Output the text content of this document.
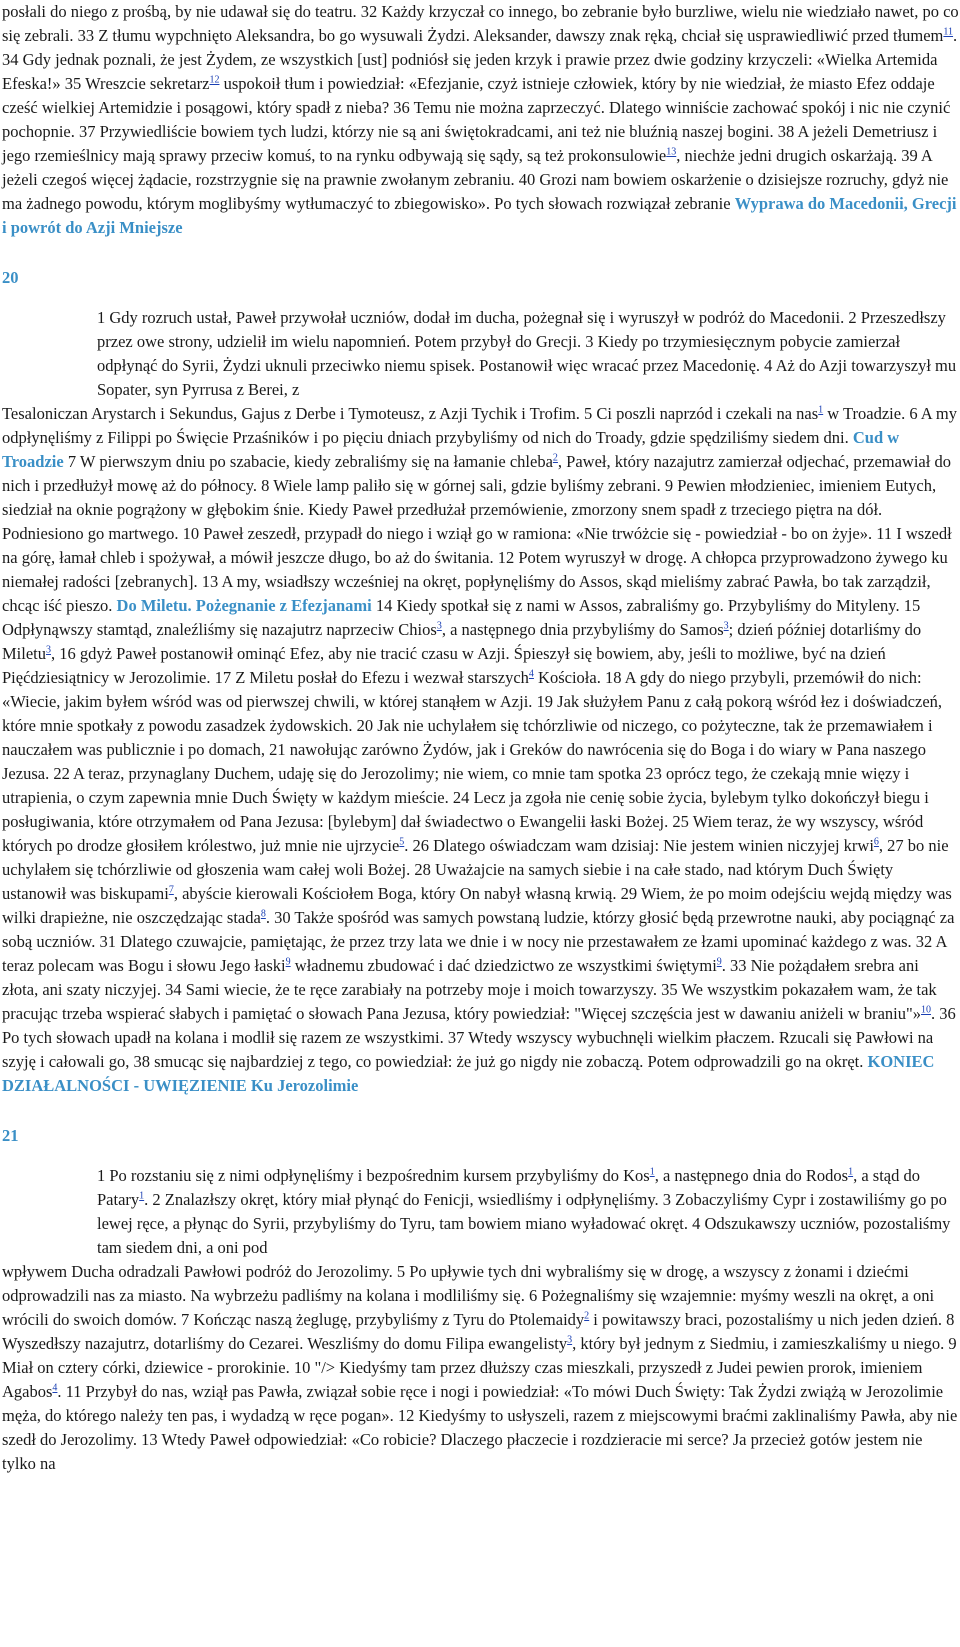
posłali do niego z prośbą, by nie udawał się do teatru. 32 Każdy krzyczał co innego, bo zebranie było burzliwe, wielu nie wiedziało nawet, po co się zebrali. 33 Z tłumu wypchnięto Aleksandra, bo go wysuwali Żydzi. Aleksander, dawszy znak ręką, chciał się usprawiedliwić przed tłumem$^{11}$. 34 Gdy jednak poznali, że jest Żydem, ze wszystkich [ust] podniósł się jeden krzyk i prawie przez dwie godziny krzyczeli: «Wielka Artemida Efeska!» 35 Wreszcie sekretarz$^{12}$ uspokoił tłum i powiedział: «Efezjanie, czyż istnieje człowiek, który by nie wiedział, że miasto Efez oddaje cześć wielkiej Artemidzie i posągowi, który spadł z nieba? 36 Temu nie można zaprzeczyć. Dlatego winniście zachować spokój i nic nie czynić pochopnie. 37 Przywiedliście bowiem tych ludzi, którzy nie są ani świętokradcami, ani też nie bluźnią naszej bogini. 38 A jeżeli Demetriusz i jego rzemieślnicy mają sprawy przeciw komuś, to na rynku odbywają się sądy, są też prokonsulowie$^{13}$, niechże jedni drugich oskarżają. 39 A jeżeli czegoś więcej żądacie, rozstrzygnie się na prawnie zwołanym zebraniu. 40 Grozi nam bowiem oskarżenie o dzisiejsze rozruchy, gdyż nie ma żadnego powodu, którym moglibyśmy wytłumaczyć to zbiegowisko». Po tych słowach rozwiązał zebranie Wyprawa do Macedonii, Grecji i powrót do Azji Mniejsze

20

1 Gdy rozruch ustał, Paweł przywołał uczniów, dodał im ducha, pożegnał się i wyruszył w podróż do Macedonii. 2 Przeszedłszy przez owe strony, udzielił im wielu napomnień. Potem przybył do Grecji. 3 Kiedy po trzymiesięcznym pobycie zamierzał odpłynąć do Syrii, Żydzi uknuli przeciwko niemu spisek. Postanowił więc wracać przez Macedonię. 4 Aż do Azji towarzyszył mu Sopater, syn Pyrrusa z Berei, z

Tesaloniczan Arystarch i Sekundus, Gajus z Derbe i Tymoteusz, z Azji Tychik i Trofim. 5 Ci poszli naprzód i czekali na nas$^1$ w Troadzie. 6 A my odpłynęliśmy z Filippi po Święcie Przaśników i po pięciu dniach przybyliśmy od nich do Troady, gdzie spędziliśmy siedem dni. Cud w Troadzie 7 W pierwszym dniu po szabacie, kiedy zebraliśmy się na łamanie chleba$^2$, Paweł, który nazajutrz zamierzał odjechać, przemawiał do nich i przedłużył mowę aż do północy. 8 Wiele lamp paliło się w górnej sali, gdzie byliśmy zebrani. 9 Pewien młodzieniec, imieniem Eutych, siedział na oknie pogrążony w głębokim śnie. Kiedy Paweł przedłużał przemówienie, zmorzony snem spadł z trzeciego piętra na dół. Podniesiono go martwego. 10 Paweł zeszedł, przypadł do niego i wziął go w ramiona: «Nie trwóżcie się - powiedział - bo on żyje». 11 I wszedł na górę, łamał chleb i spożywał, a mówił jeszcze długo, bo aż do świtania. 12 Potem wyruszył w drogę. A chłopca przyprowadzono żywego ku niemałej radości [zebranych]. 13 A my, wsiadłszy wcześniej na okręt, popłynęliśmy do Assos, skąd mieliśmy zabrać Pawła, bo tak zarządził, chcąc iść pieszo. Do Miletu. Pożegnanie z Efezjanami 14 Kiedy spotkał się z nami w Assos, zabraliśmy go. Przybyliśmy do Mityleny. 15 Odpłynąwszy stamtąd, znaleźliśmy się nazajutrz naprzeciw Chios$^3$, a następnego dnia przybyliśmy do Samos$^3$; dzień później dotarliśmy do Miletu$^3$, 16 gdyż Paweł postanowił ominąć Efez, aby nie tracić czasu w Azji. Śpieszył się bowiem, aby, jeśli to możliwe, być na dzień Pięćdziesiątnicy w Jerozolimie. 17 Z Miletu posłał do Efezu i wezwał starszych$^4$ Kościoła. 18 A gdy do niego przybyli, przemówił do nich: «Wiecie, jakim byłem wśród was od pierwszej chwili, w której stanąłem w Azji. 19 Jak służyłem Panu z całą pokorą wśród łez i doświadczeń, które mnie spotkały z powodu zasadzek żydowskich. 20 Jak nie uchylałem się tchórzliwie od niczego, co pożyteczne, tak że przemawiałem i nauczałem was publicznie i po domach, 21 nawołując zarówno Żydów, jak i Greków do nawrócenia się do Boga i do wiary w Pana naszego Jezusa. 22 A teraz, przynaglany Duchem, udaję się do Jerozolimy; nie wiem, co mnie tam spotka 23 oprócz tego, że czekają mnie więzy i utrapienia, o czym zapewnia mnie Duch Święty w każdym mieście. 24 Lecz ja zgoła nie cenię sobie życia, bylebym tylko dokończył biegu i posługiwania, które otrzymałem od Pana Jezusa: [bylebym] dał świadectwo o Ewangelii łaski Bożej. 25 Wiem teraz, że wy wszyscy, wśród których po drodze głosiłem królestwo, już mnie nie ujrzycie$^5$. 26 Dlatego oświadczam wam dzisiaj: Nie jestem winien niczyjej krwi$^6$, 27 bo nie uchylałem się tchórzliwie od głoszenia wam całej woli Bożej. 28 Uważajcie na samych siebie i na całe stado, nad którym Duch Święty ustanowił was biskupami$^7$, abyście kierowali Kościołem Boga, który On nabył własną krwią. 29 Wiem, że po moim odejściu wejdą między was wilki drapieżne, nie oszczędzając stada$^8$. 30 Także spośród was samych powstaną ludzie, którzy głosić będą przewrotne nauki, aby pociągnąć za sobą uczniów. 31 Dlatego czuwajcie, pamiętając, że przez trzy lata we dnie i w nocy nie przestawałem ze łzami upominać każdego z was. 32 A teraz polecam was Bogu i słowu Jego łaski$^9$ władnemu zbudować i dać dziedzictwo ze wszystkimi świętymi$^9$. 33 Nie pożądałem srebra ani złota, ani szaty niczyjej. 34 Sami wiecie, że te ręce zarabiały na potrzeby moje i moich towarzyszy. 35 We wszystkim pokazałem wam, że tak pracując trzeba wspierać słabych i pamiętać o słowach Pana Jezusa, który powiedział: "Więcej szczęścia jest w dawaniu aniżeli w braniu"»$^{10}$. 36 Po tych słowach upadł na kolana i modlił się razem ze wszystkimi. 37 Wtedy wszyscy wybuchnęli wielkim płaczem. Rzucali się Pawłowi na szyję i całowali go, 38 smucąc się najbardziej z tego, co powiedział: że już go nigdy nie zobaczą. Potem odprowadzili go na okręt. KONIEC DZIAŁALNOŚCI - UWIĘZIENIE Ku Jerozolimie

21

1 Po rozstaniu się z nimi odpłynęliśmy i bezpośrednim kursem przybyliśmy do Kos$^1$, a następnego dnia do Rodos$^1$, a stąd do Patary$^1$. 2 Znalazłszy okręt, który miał płynąć do Fenicji, wsiedliśmy i odpłynęliśmy. 3 Zobaczyliśmy Cypr i zostawiliśmy go po lewej ręce, a płynąc do Syrii, przybyliśmy do Tyru, tam bowiem miano wyładować okręt. 4 Odszukawszy uczniów, pozostaliśmy tam siedem dni, a oni pod

wpływem Ducha odradzali Pawłowi podróż do Jerozolimy. 5 Po upływie tych dni wybraliśmy się w drogę, a wszyscy z żonami i dziećmi odprowadzili nas za miasto. Na wybrzeżu padliśmy na kolana i modliliśmy się. 6 Pożegnaliśmy się wzajemnie: myśmy weszli na okręt, a oni wrócili do swoich domów. 7 Kończąc naszą żeglugę, przybyliśmy z Tyru do Ptolemaidy$^2$ i powitawszy braci, pozostaliśmy u nich jeden dzień. 8 Wyszedłszy nazajutrz, dotarliśmy do Cezarei. Weszliśmy do domu Filipa ewangelisty$^3$, który był jednym z Siedmiu, i zamieszkaliśmy u niego. 9 Miał on cztery córki, dziewice - prorokinie. 10 "/> Kiedyśmy tam przez dłuższy czas mieszkali, przyszedł z Judei pewien prorok, imieniem Agabos$^4$. 11 Przybył do nas, wziął pas Pawła, związał sobie ręce i nogi i powiedział: «To mówi Duch Święty: Tak Żydzi zwiążą w Jerozolimie męża, do którego należy ten pas, i wydadzą w ręce pogan». 12 Kiedyśmy to usłyszeli, razem z miejscowymi braćmi zaklinaliśmy Pawła, aby nie szedł do Jerozolimy. 13 Wtedy Paweł odpowiedział: «Co robicie? Dlaczego płaczecie i rozdzieracie mi serce? Ja przecież gotów jestem nie tylko na
